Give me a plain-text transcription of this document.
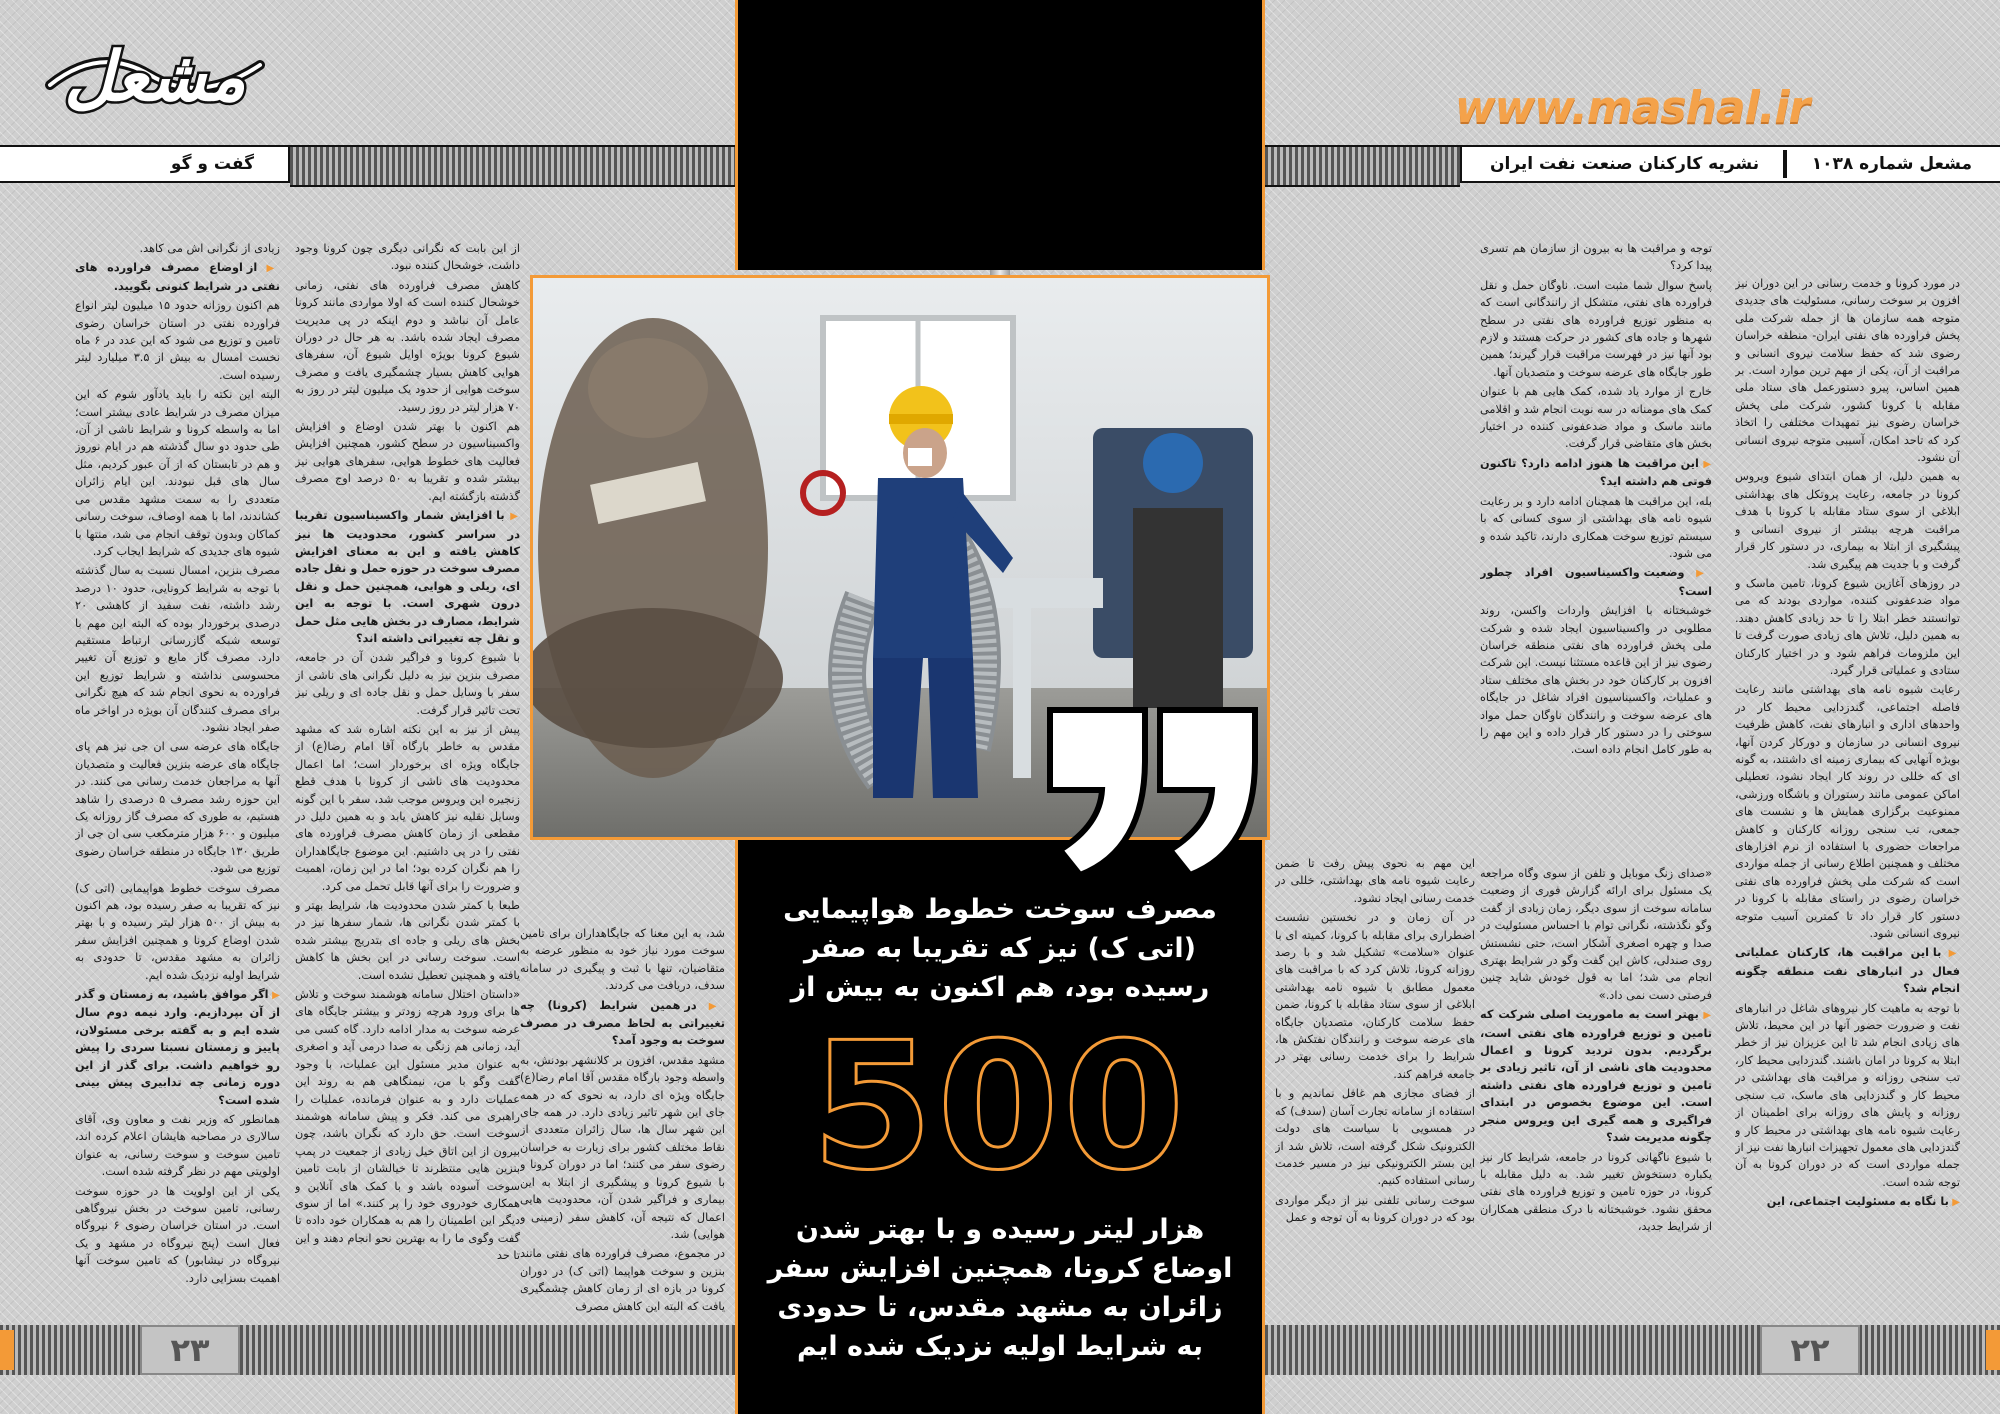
مشعل	www.mashal.ir
گفت و گو	نشریه کارکنان صنعت نفت ایران	مشعل شماره ۱۰۳۸
مصرف سوخت خطوط هواپیمایی (اتی ک) نیز که تقریبا به صفر رسیده بود، هم اکنون به بیش از
500
هزار لیتر رسیده و با بهتر شدن اوضاع کرونا، همچنین افزایش سفر زائران به مشهد مقدس، تا حدودی به شرایط اولیه نزدیک شده ایم

در مورد کرونا و خدمت رسانی در این دوران نیز افزون بر سوخت رسانی، مسئولیت های جدیدی متوجه همه سازمان ها از جمله شرکت ملی پخش فراورده های نفتی ایران- منطقه خراسان رضوی شد که حفظ سلامت نیروی انسانی و مراقبت از آن، یکی از مهم ترین موارد است. بر همین اساس، پیرو دستورعمل های ستاد ملی مقابله با کرونا کشور، شرکت ملی پخش خراسان رضوی نیز تمهیدات مختلفی را اتخاذ کرد که تاحد امکان، آسیبی متوجه نیروی انسانی آن نشود.

به همین دلیل، از همان ابتدای شیوع ویروس کرونا در جامعه، رعایت پروتکل های بهداشتی ابلاغی از سوی ستاد مقابله با کرونا با هدف مراقبت هرچه بیشتر از نیروی انسانی و پیشگیری از ابتلا به بیماری، در دستور کار قرار گرفت و با جدیت هم پیگیری شد.

در روزهای آغازین شیوع کرونا، تامین ماسک و مواد ضدعفونی کننده، مواردی بودند که می توانستند خطر ابتلا را تا حد زیادی کاهش دهند. به همین دلیل، تلاش های زیادی صورت گرفت تا این ملزومات فراهم شود و در اختیار کارکنان ستادی و عملیاتی قرار گیرد.

رعایت شیوه نامه های بهداشتی مانند رعایت فاصله اجتماعی، گندزدایی محیط کار در واحدهای اداری و انبارهای نفت، کاهش ظرفیت نیروی انسانی در سازمان و دورکار کردن آنها، بویژه آنهایی که بیماری زمینه ای داشتند، به گونه ای که خللی در روند کار ایجاد نشود، تعطیلی اماکن عمومی مانند رستوران و باشگاه ورزشی، ممنوعیت برگزاری همایش ها و نشست های جمعی، تب سنجی روزانه کارکنان و کاهش مراجعات حضوری با استفاده از نرم افزارهای مختلف و همچنین اطلاع رسانی از جمله مواردی است که شرکت ملی پخش فراورده های نفتی خراسان رضوی در راستای مقابله با کرونا در دستور کار قرار داد تا کمترین آسیب متوجه نیروی انسانی شود.

▶ با این مراقبت ها، کارکنان عملیاتی فعال در انبارهای نفت منطقه چگونه انجام شد؟

با توجه به ماهیت کار نیروهای شاغل در انبارهای نفت و ضرورت حضور آنها در این محیط، تلاش های زیادی انجام شد تا این عزیزان نیز از خطر ابتلا به کرونا در امان باشند. گندزدایی محیط کار، تب سنجی روزانه و مراقبت های بهداشتی در محیط کار و گندزدایی های ماسک، تب سنجی روزانه و پایش های روزانه برای اطمینان از رعایت شیوه نامه های بهداشتی در محیط کار و گندزدایی های معمول تجهیزات انبارها نفت نیز از جمله مواردی است که در دوران کرونا به آن توجه شده است.

▶ با نگاه به مسئولیت اجتماعی، این

توجه و مراقبت ها به بیرون از سازمان هم تسری پیدا کرد؟

پاسخ سوال شما مثبت است. ناوگان حمل و نقل فراورده های نفتی، متشکل از رانندگانی است که به منظور توزیع فراورده های نفتی در سطح شهرها و جاده های کشور در حرکت هستند و لازم بود آنها نیز در فهرست مراقبت قرار گیرند؛ همین طور جایگاه های عرضه سوخت و متصدیان آنها.

خارج از موارد یاد شده، کمک هایی هم با عنوان کمک های مومنانه در سه نوبت انجام شد و اقلامی مانند ماسک و مواد ضدعفونی کننده در اختیار بخش های متقاضی قرار گرفت.

▶ این مراقبت ها هنوز ادامه دارد؟ تاکنون فوتی هم داشته اید؟

بله، این مراقبت ها همچنان ادامه دارد و بر رعایت شیوه نامه های بهداشتی از سوی کسانی که با سیستم توزیع سوخت همکاری دارند، تاکید شده و می شود.

▶ وضعیت واکسیناسیون افراد چطور است؟

خوشبختانه با افزایش واردات واکسن، روند مطلوبی در واکسیناسیون ایجاد شده و شرکت ملی پخش فراورده های نفتی منطقه خراسان رضوی نیز از این قاعده مستثنا نیست. این شرکت افزون بر کارکنان خود در بخش های مختلف ستاد و عملیات، واکسیناسیون افراد شاغل در جایگاه های عرضه سوخت و رانندگان ناوگان حمل مواد سوختی را در دستور کار قرار داده و این مهم را به طور کامل انجام داده است.

این مهم به نحوی پیش رفت تا ضمن رعایت شیوه نامه های بهداشتی، خللی در خدمت رسانی ایجاد نشود.

در آن زمان و در نخستین نشست اضطراری برای مقابله با کرونا، کمیته ای با عنوان «سلامت» تشکیل شد و با رصد روزانه کرونا، تلاش کرد که با مراقبت های معمول مطابق با شیوه نامه بهداشتی ابلاغی از سوی ستاد مقابله با کرونا، ضمن حفظ سلامت کارکنان، متصدیان جایگاه های عرضه سوخت و رانندگان نفتکش ها، شرایط را برای خدمت رسانی بهتر در جامعه فراهم کند.

از فضای مجازی هم غافل نماندیم و با استفاده از سامانه تجارت آسان (سدف) که در همسویی با سیاست های دولت الکترونیک شکل گرفته است، تلاش شد از این بستر الکترونیکی نیز در مسیر خدمت رسانی استفاده کنیم.

سوخت رسانی تلفنی نیز از دیگر مواردی بود که در دوران کرونا به آن توجه و عمل

«صدای زنگ موبایل و تلفن از سوی وگاه مراجعه یک مسئول برای ارائه گزارش فوری از وضعیت سامانه سوخت از سوی دیگر، زمان زیادی از گفت وگو نگذشته، نگرانی توام با احساس مسئولیت در صدا و چهره اصغری آشکار است، حتی نشستش روی صندلی، کاش این گفت وگو در شرایط بهتری انجام می شد؛ اما به قول خودش شاید چنین فرصتی دست نمی داد.»

▶ بهتر است به ماموریت اصلی شرکت که تامین و توزیع فراورده های نفتی است، برگردیم. بدون تردید کرونا و اعمال محدودیت های ناشی از آن، تاثیر زیادی بر تامین و توزیع فراورده های نفتی داشته است. این موضوع بخصوص در ابتدای فراگیری و همه گیری این ویروس منجر چگونه مدیریت شد؟

با شیوع ناگهانی کرونا در جامعه، شرایط کار نیز یکباره دستخوش تغییر شد. به دلیل مقابله با کرونا، در حوزه تامین و توزیع فراورده های نفتی محقق نشود. خوشبختانه با درک منطقی همکاران از شرایط جدید،

شد، به این معنا که جایگاهداران برای تامین سوخت مورد نیاز خود به منظور عرضه به متقاضیان، تنها با ثبت و پیگیری در سامانه سدف، دریافت می کردند.

▶ در همین شرایط (کرونا) چه تغییراتی به لحاظ مصرف در مصرف سوخت به وجود آمد؟

مشهد مقدس، افزون بر کلانشهر بودنش، به واسطه وجود بارگاه مقدس آقا امام رضا(ع) جایگاه ویژه ای دارد، به نحوی که در همه جای این شهر تاثیر زیادی دارد. در همه جای این شهر سال ها، سال زائران متعددی از نقاط مختلف کشور برای زیارت به خراسان رضوی سفر می کنند؛ اما در دوران کرونا و با شیوع کرونا و پیشگیری از ابتلا به این بیماری و فراگیر شدن آن، محدودیت هایی اعمال که نتیجه آن، کاهش سفر (زمینی و هوایی) شد.

در مجموع، مصرف فراورده های نفتی مانند بنزین و سوخت هواپیما (اتی ک) در دوران کرونا در بازه ای از زمان کاهش چشمگیری یافت که البته این کاهش مصرف

از این بابت که نگرانی دیگری چون کرونا وجود داشت، خوشحال کننده نبود.

کاهش مصرف فراورده های نفتی، زمانی خوشحال کننده است که اولا مواردی مانند کرونا عامل آن نباشد و دوم اینکه در پی مدیریت مصرف ایجاد شده باشد. به هر حال در دوران شیوع کرونا بویژه اوایل شیوع آن، سفرهای هوایی کاهش بسیار چشمگیری یافت و مصرف سوخت هوایی از حدود یک میلیون لیتر در روز به ۷۰ هزار لیتر در روز رسید.

هم اکنون با بهتر شدن اوضاع و افزایش واکسیناسیون در سطح کشور، همچنین افزایش فعالیت های خطوط هوایی، سفرهای هوایی نیز بیشتر شده و تقریبا به ۵۰ درصد اوج مصرف گذشته بازگشته ایم.

▶ با افزایش شمار واکسیناسیون تقریبا در سراسر کشور، محدودیت ها نیز کاهش یافته و این به معنای افزایش مصرف سوخت در حوزه حمل و نقل جاده ای، ریلی و هوایی، همچنین حمل و نقل درون شهری است. با توجه به این شرایط، مصارف در بخش هایی مثل حمل و نقل چه تغییراتی داشته اند؟

با شیوع کرونا و فراگیر شدن آن در جامعه، مصرف بنزین نیز به دلیل نگرانی های ناشی از سفر با وسایل حمل و نقل جاده ای و ریلی نیز تحت تاثیر قرار گرفت.

پیش از نیز به این نکته اشاره شد که مشهد مقدس به خاطر بارگاه آقا امام رضا(ع) از جایگاه ویژه ای برخوردار است؛ اما اعمال محدودیت های ناشی از کرونا با هدف قطع زنجیره این ویروس موجب شد، سفر با این گونه وسایل نقلیه نیز کاهش یابد و به همین دلیل در مقطعی از زمان کاهش مصرف فراورده های نفتی را در پی داشتیم. این موضوع جایگاهداران را هم نگران کرده بود؛ اما در این زمان، اهمیت و ضرورت را برای آنها قابل تحمل می کرد.

طبعا با کمتر شدن محدودیت ها، شرایط بهتر و با کمتر شدن نگرانی ها، شمار سفرها نیز در بخش های ریلی و جاده ای بتدریج بیشتر شده است. سوخت رسانی در این بخش ها کاهش یافته و همچنین تعطیل نشده است.

«داستان اختلال سامانه هوشمند سوخت و تلاش ها برای ورود هرچه زودتر و بیشتر جایگاه های عرضه سوخت به مدار ادامه دارد. گاه کسی می آید، زمانی هم زنگی به صدا درمی آید و اصغری به عنوان مدیر مسئول این عملیات، با وجود گفت وگو با من، نیمنگاهی هم به روند این عملیات دارد و به عنوان فرمانده، عملیات را راهبری می کند. فکر و پیش سامانه هوشمند سوخت است. حق دارد که نگران باشد، چون بیرون از این اتاق خیل زیادی از جمعیت در پمپ بنزین هایی منتظرند تا خیالشان از بابت تامین سوخت آسوده باشد و با کمک های آنلاین و همکاری خودروی خود را پر کنند.» اما از سوی دیگر این اطمینان را هم به همکاران خود داده تا گفت وگوی ما را به بهترین نحو انجام دهند و این تا حد

زیادی از نگرانی اش می کاهد.

▶ از اوضاع مصرف فراورده های نفتی در شرایط کنونی بگویید.

هم اکنون روزانه حدود ۱۵ میلیون لیتر انواع فراورده نفتی در استان خراسان رضوی تامین و توزیع می شود که این عدد در ۶ ماه نخست امسال به بیش از ۳.۵ میلیارد لیتر رسیده است.

البته این نکته را باید یادآور شوم که این میزان مصرف در شرایط عادی بیشتر است؛ اما به واسطه کرونا و شرایط ناشی از آن، طی حدود دو سال گذشته هم در ایام نوروز و هم در تابستان که از آن عبور کردیم، مثل سال های قبل نبودند. این ایام زائران متعددی را به سمت مشهد مقدس می کشاندند، اما با همه اوصاف، سوخت رسانی کماکان وبدون توقف انجام می شد، منتها با شیوه های جدیدی که شرایط ایجاب کرد.

مصرف بنزین، امسال نسبت به سال گذشته با توجه به شرایط کرونایی، حدود ۱۰ درصد رشد داشته، نفت سفید از کاهشی ۲۰ درصدی برخوردار بوده که البته این مهم با توسعه شبکه گازرسانی ارتباط مستقیم دارد. مصرف گاز مایع و توزیع آن تغییر محسوسی نداشته و شرایط توزیع این فراورده به نحوی انجام شد که هیچ نگرانی برای مصرف کنندگان آن بویژه در اواخر ماه صفر ایجاد نشود.

جایگاه های عرضه سی ان جی نیز هم پای جایگاه های عرضه بنزین فعالیت و متصدیان آنها به مراجعان خدمت رسانی می کنند. در این حوزه رشد مصرف ۵ درصدی را شاهد هستیم، به طوری که مصرف گاز روزانه یک میلیون و ۶۰۰ هزار مترمکعب سی ان جی از طریق ۱۳۰ جایگاه در منطقه خراسان رضوی توزیع می شود.

مصرف سوخت خطوط هواپیمایی (اتی ک) نیز که تقریبا به صفر رسیده بود، هم اکنون به بیش از ۵۰۰ هزار لیتر رسیده و با بهتر شدن اوضاع کرونا و همچنین افزایش سفر زائران به مشهد مقدس، تا حدودی به شرایط اولیه نزدیک شده ایم.

▶ اگر موافق باشید، به زمستان و گذر از آن بپردازیم. وارد نیمه دوم سال شده ایم و به گفته برخی مسئولان، پاییز و زمستان نسبتا سردی را پیش رو خواهیم داشت. برای گذر از این دوره زمانی چه تدابیری پیش بینی شده است؟

همانطور که وزیر نفت و معاون وی، آقای سالاری در مصاحبه هایشان اعلام کرده اند، تامین سوخت و سوخت رسانی، به عنوان اولویتی مهم در نظر گرفته شده است.

یکی از این اولویت ها در حوزه سوخت رسانی، تامین سوخت در بخش نیروگاهی است. در استان خراسان رضوی ۶ نیروگاه فعال است (پنج نیروگاه در مشهد و یک نیروگاه در نیشابور) که تامین سوخت آنها اهمیت بسزایی دارد.

۲۳	۲۲
